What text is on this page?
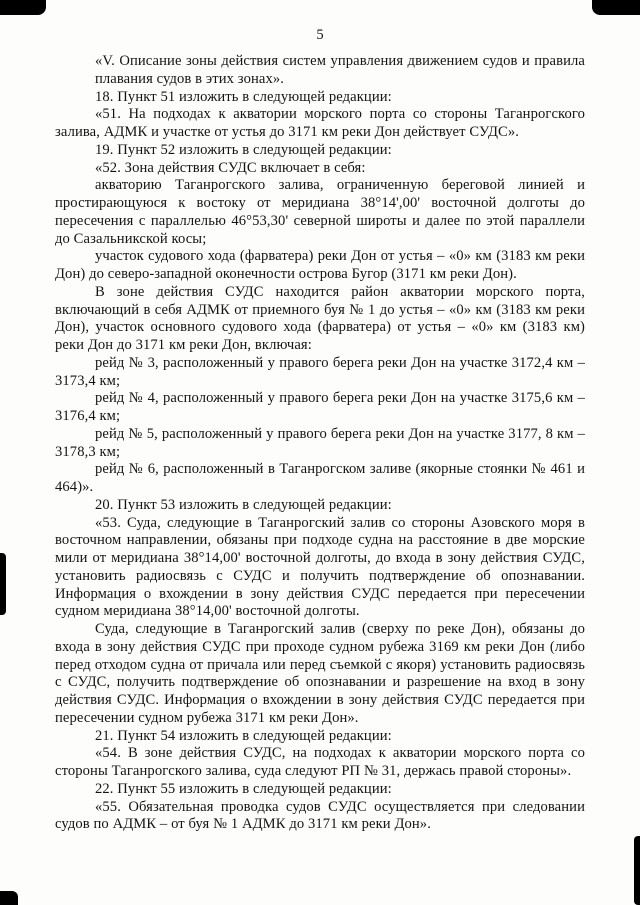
5

«V. Описание зоны действия систем управления движением судов и правила плавания судов в этих зонах».

18. Пункт 51 изложить в следующей редакции:

«51. На подходах к акватории морского порта со стороны Таганрогского залива, АДМК и участке от устья до 3171 км реки Дон действует СУДС».

19. Пункт 52 изложить в следующей редакции:

«52. Зона действия СУДС включает в себя:

акваторию Таганрогского залива, ограниченную береговой линией и простирающуюся к востоку от меридиана 38°14',00' восточной долготы до пересечения с параллелью 46°53,30' северной широты и далее по этой параллели до Сазальникской косы;

участок судового хода (фарватера) реки Дон от устья – «0» км (3183 км реки Дон) до северо-западной оконечности острова Бугор (3171 км реки Дон).

В зоне действия СУДС находится район акватории морского порта, включающий в себя АДМК от приемного буя № 1 до устья – «0» км (3183 км реки Дон), участок основного судового хода (фарватера) от устья – «0» км (3183 км) реки Дон до 3171 км реки Дон, включая:

рейд № 3, расположенный у правого берега реки Дон на участке 3172,4 км – 3173,4 км;

рейд № 4, расположенный у правого берега реки Дон на участке 3175,6 км – 3176,4 км;

рейд № 5, расположенный у правого берега реки Дон на участке 3177, 8 км – 3178,3 км;

рейд № 6, расположенный в Таганрогском заливе (якорные стоянки № 461 и 464)».

20. Пункт 53 изложить в следующей редакции:

«53. Суда, следующие в Таганрогский залив со стороны Азовского моря в восточном направлении, обязаны при подходе судна на расстояние в две морские мили от меридиана 38°14,00' восточной долготы, до входа в зону действия СУДС, установить радиосвязь с СУДС и получить подтверждение об опознавании. Информация о вхождении в зону действия СУДС передается при пересечении судном меридиана 38°14,00' восточной долготы.

Суда, следующие в Таганрогский залив (сверху по реке Дон), обязаны до входа в зону действия СУДС при проходе судном рубежа 3169 км реки Дон (либо перед отходом судна от причала или перед съемкой с якоря) установить радиосвязь с СУДС, получить подтверждение об опознавании и разрешение на вход в зону действия СУДС. Информация о вхождении в зону действия СУДС передается при пересечении судном рубежа 3171 км реки Дон».

21. Пункт 54 изложить в следующей редакции:

«54. В зоне действия СУДС, на подходах к акватории морского порта со стороны Таганрогского залива, суда следуют РП № 31, держась правой стороны».

22. Пункт 55 изложить в следующей редакции:

«55. Обязательная проводка судов СУДС осуществляется при следовании судов по АДМК – от буя № 1 АДМК до 3171 км реки Дон».
